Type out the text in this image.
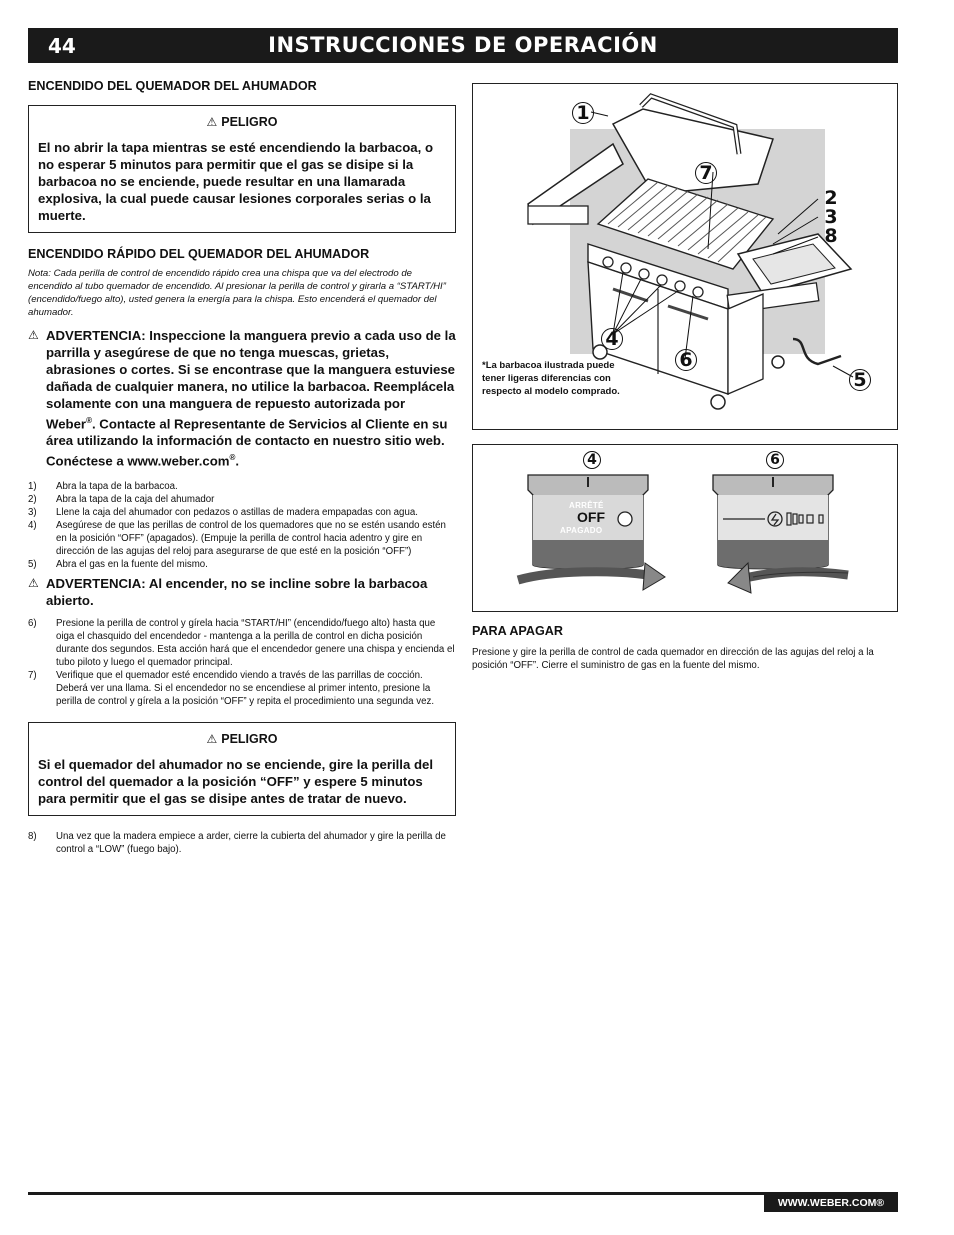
44	INSTRUCCIONES DE OPERACIÓN
ENCENDIDO DEL QUEMADOR DEL AHUMADOR
⚠ PELIGRO
El no abrir la tapa mientras se esté encendiendo la barbacoa, o no esperar 5 minutos para permitir que el gas se disipe si la barbacoa no se enciende, puede resultar en una llamarada explosiva, la cual puede causar lesiones corporales serias o la muerte.
ENCENDIDO RÁPIDO DEL QUEMADOR DEL AHUMADOR
Nota: Cada perilla de control de encendido rápido crea una chispa que va del electrodo de encendido al tubo quemador de encendido. Al presionar la perilla de control y girarla a “START/HI” (encendido/fuego alto), usted genera la energía para la chispa. Esto encenderá el quemador del ahumador.
⚠ ADVERTENCIA: Inspeccione la manguera previo a cada uso de la parrilla y asegúrese de que no tenga muescas, grietas, abrasiones o cortes. Si se encontrase que la manguera estuviese dañada de cualquier manera, no utilice la barbacoa. Reemplácela solamente con una manguera de repuesto autorizada por Weber®. Contacte al Representante de Servicios al Cliente en su área utilizando la información de contacto en nuestro sitio web. Conéctese a www.weber.com®.
1) Abra la tapa de la barbacoa.
2) Abra la tapa de la caja del ahumador
3) Llene la caja del ahumador con pedazos o astillas de madera empapadas con agua.
4) Asegúrese de que las perillas de control de los quemadores que no se estén usando estén en la posición “OFF” (apagados). (Empuje la perilla de control hacia adentro y gire en dirección de las agujas del reloj para asegurarse de que esté en la posición “OFF”)
5) Abra el gas en la fuente del mismo.
⚠ ADVERTENCIA: Al encender, no se incline sobre la barbacoa abierto.
6) Presione la perilla de control y gírela hacia “START/HI” (encendido/fuego alto) hasta que oiga el chasquido del encendedor - mantenga a la perilla de control en dicha posición durante dos segundos. Esta acción hará que el encendedor genere una chispa y encienda el tubo piloto y luego el quemador principal.
7) Verifique que el quemador esté encendido viendo a través de las parrillas de cocción. Deberá ver una llama. Si el encendedor no se encendiese al primer intento, presione la perilla de control y gírela a la posición “OFF” y repita el procedimiento una segunda vez.
⚠ PELIGRO
Si el quemador del ahumador no se enciende, gire la perilla del control del quemador a la posición “OFF” y espere 5 minutos para permitir que el gas se disipe antes de tratar de nuevo.
8) Una vez que la madera empiece a arder, cierre la cubierta del ahumador y gire la perilla de control a “LOW” (fuego bajo).
1
7
2
3
8
4
6
5
*La barbacoa ilustrada puede tener ligeras diferencias con respecto al modelo comprado.
4	6
ARRÊTÉ
OFF
APAGADO
PARA APAGAR
Presione y gire la perilla de control de cada quemador en dirección de las agujas del reloj a la posición “OFF”. Cierre el suministro de gas en la fuente del mismo.
WWW.WEBER.COM®
